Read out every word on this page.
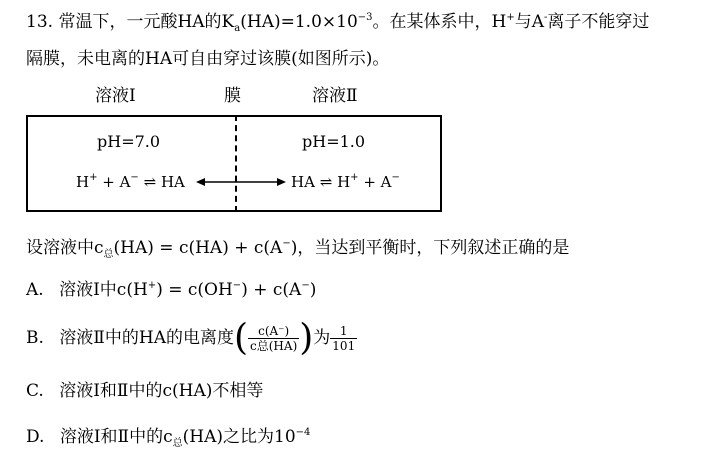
13. 常温下，一元酸HA的$K_a(HA)=1.0\times 10^{-3}$。在某体系中，H+与A-离子不能穿过
隔膜，未电离的HA可自由穿过该膜(如图所示)。
溶液Ⅰ	膜	溶液Ⅱ
pH=7.0	pH=1.0
H+ + A− ⇌ HA	HA ⇌ H+ + A−
设溶液中$c_总(HA) = c(HA) + c(A^-)$，当达到平衡时，下列叙述正确的是
A. 溶液Ⅰ中c(H+) = c(OH−) + c(A−)
B. 溶液Ⅱ中的HA的电离度( $\frac{c(A^-)}{\text{c总(HA)}}$ )为 $\frac{1}{101}$
C. 溶液Ⅰ和Ⅱ中的c(HA)不相等
D. 溶液Ⅰ和Ⅱ中的$c_总(HA)$之比为$10^{-4}$
